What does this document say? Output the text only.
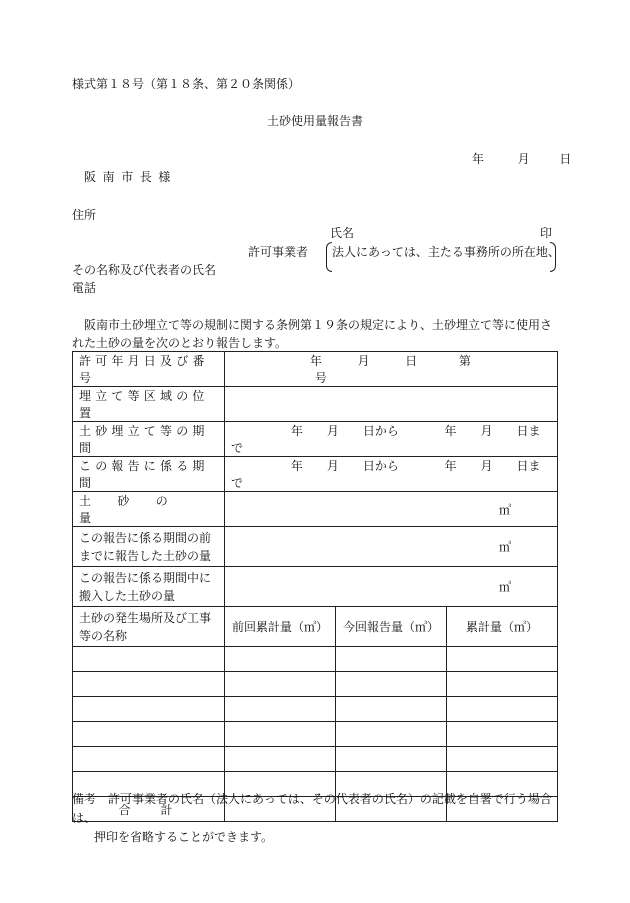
様式第１８号（第１８条、第２０条関係）
土砂使用量報告書
年	月 日
阪南市長様
住所
氏名	印
許可事業者 法人にあっては、主たる事務所の所在地、
その名称及び代表者の氏名
電話
阪南市土砂埋立て等の規制に関する条例第１９条の規定により、土砂埋立て等に使用された土砂の量を次のとおり報告します。
許可年月日及び番号	年 月 日 第  号		
埋立て等区域の位置			
土砂埋立て等の期間	年　　月　　日から 年　　月　　日まで		
この報告に係る期間	年　　月　　日から 年　　月　　日まで		
土砂の量	㎥		
この報告に係る期間の前までに報告した土砂の量	㎥		
この報告に係る期間中に搬入した土砂の量	㎥		
土砂の発生場所及び工事等の名称	前回累計量（㎥）	今回報告量（㎥）	累計量（㎥）

合計			
備考　許可事業者の氏名（法人にあっては、その代表者の氏名）の記載を自署で行う場合は、
押印を省略することができます。
